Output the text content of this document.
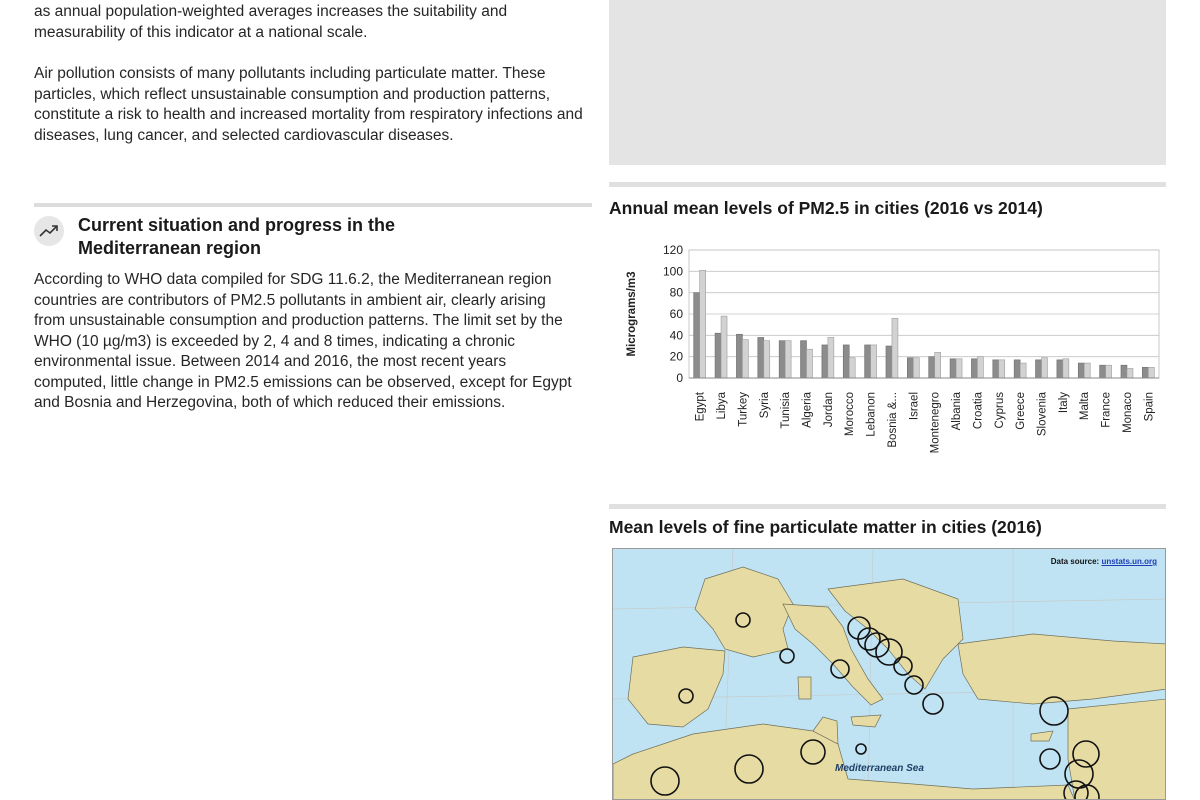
as annual population-weighted averages increases the suitability and measurability of this indicator at a national scale.

Air pollution consists of many pollutants including particulate matter. These particles, which reflect unsustainable consumption and production patterns, constitute a risk to health and increased mortality from respiratory infections and diseases, lung cancer, and selected cardiovascular diseases.

Current situation and progress in the Mediterranean region

According to WHO data compiled for SDG 11.6.2, the Mediterranean region countries are contributors of PM2.5 pollutants in ambient air, clearly arising from unsustainable consumption and production patterns. The limit set by the WHO (10 µg/m3) is exceeded by 2, 4 and 8 times, indicating a chronic environmental issue. Between 2014 and 2016, the most recent years computed, little change in PM2.5 emissions can be observed, except for Egypt and Bosnia and Herzegovina, both of which reduced their emissions.

Annual mean levels of PM2.5 in cities (2016 vs 2014)
0
20
40
60
80
100
120
Micrograms/m3
Egypt Libya Turkey Syria Tunisia Algeria Jordan Morocco Lebanon Bosnia &... Israel Montenegro Albania Croatia Cyprus Greece Slovenia Italy Malta France Monaco Spain
Mean levels of fine particulate matter in cities (2016)
Data source: unstats.un.org
Mediterranean Sea
